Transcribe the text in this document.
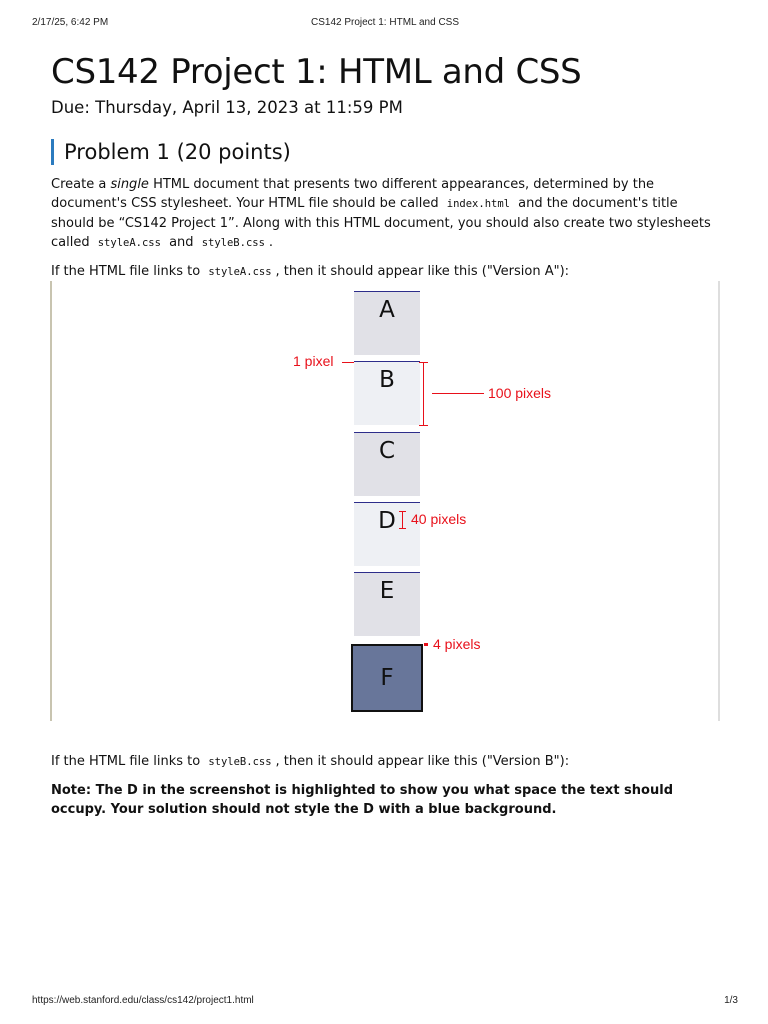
2/17/25, 6:42 PM	CS142 Project 1: HTML and CSS
CS142 Project 1: HTML and CSS
Due: Thursday, April 13, 2023 at 11:59 PM
Problem 1 (20 points)

Create a single HTML document that presents two different appearances, determined by the document's CSS stylesheet. Your HTML file should be called index.html and the document's title should be “CS142 Project 1”. Along with this HTML document, you should also create two stylesheets called styleA.css and styleB.css .

If the HTML file links to styleA.css , then it should appear like this ("Version A"):

If the HTML file links to styleB.css , then it should appear like this ("Version B"):

Note: The D in the screenshot is highlighted to show you what space the text should occupy. Your solution should not style the D with a blue background.

A
B
C
D
E
F
1 pixel
100 pixels
40 pixels
4 pixels
https://web.stanford.edu/class/cs142/project1.html	1/3
